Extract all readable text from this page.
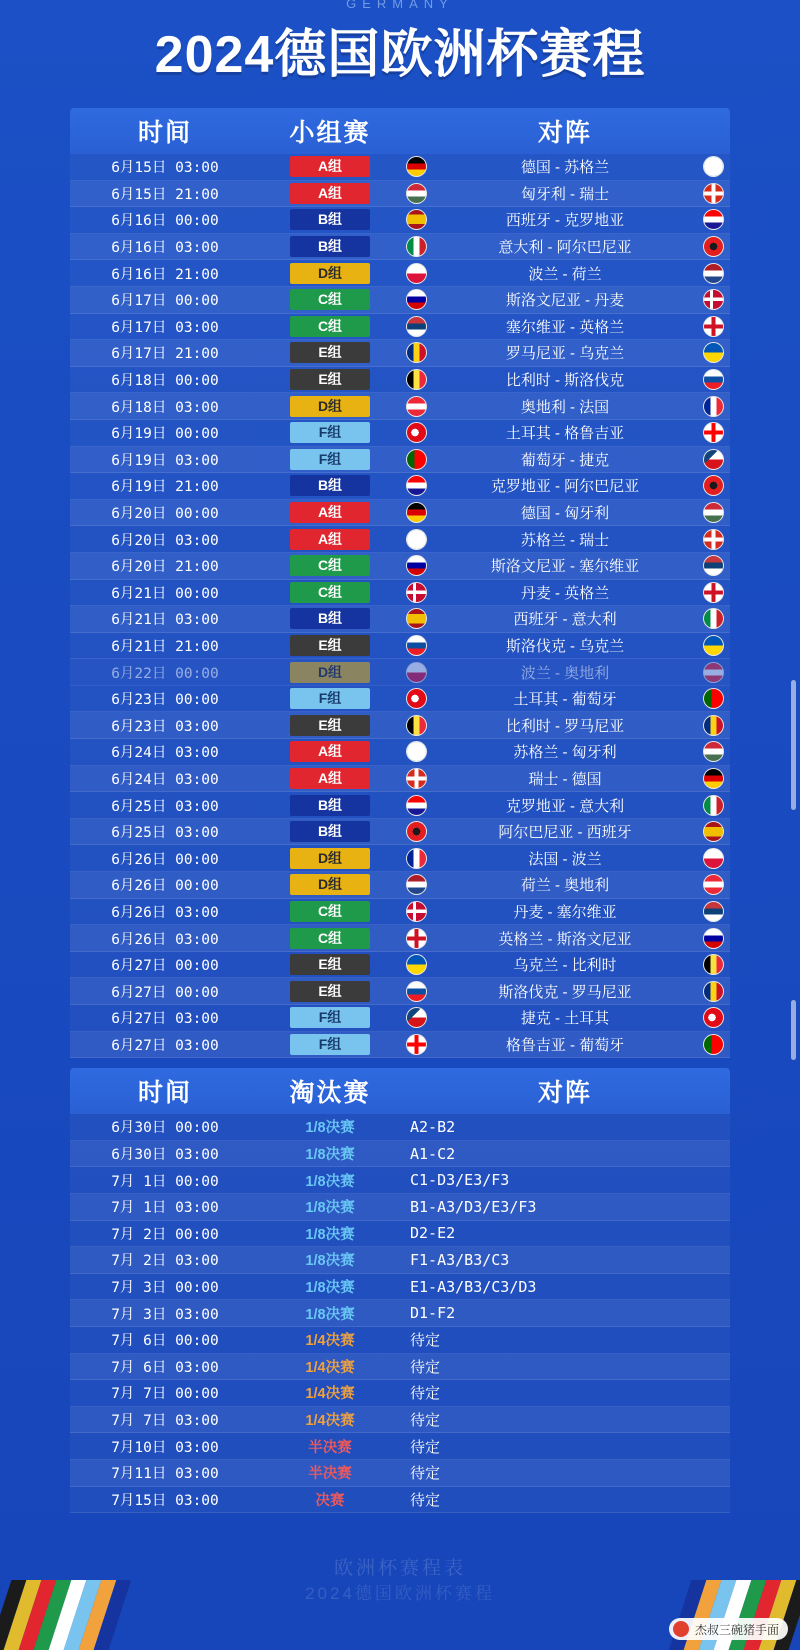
GERMANY
2024德国欧洲杯赛程
时间	小组赛	对阵
6月15日 03:00	A组	德国 - 苏格兰
6月15日 21:00	A组	匈牙利 - 瑞士
6月16日 00:00	B组	西班牙 - 克罗地亚
6月16日 03:00	B组	意大利 - 阿尔巴尼亚
6月16日 21:00	D组	波兰 - 荷兰
6月17日 00:00	C组	斯洛文尼亚 - 丹麦
6月17日 03:00	C组	塞尔维亚 - 英格兰
6月17日 21:00	E组	罗马尼亚 - 乌克兰
6月18日 00:00	E组	比利时 - 斯洛伐克
6月18日 03:00	D组	奥地利 - 法国
6月19日 00:00	F组	土耳其 - 格鲁吉亚
6月19日 03:00	F组	葡萄牙 - 捷克
6月19日 21:00	B组	克罗地亚 - 阿尔巴尼亚
6月20日 00:00	A组	德国 - 匈牙利
6月20日 03:00	A组	苏格兰 - 瑞士
6月20日 21:00	C组	斯洛文尼亚 - 塞尔维亚
6月21日 00:00	C组	丹麦 - 英格兰
6月21日 03:00	B组	西班牙 - 意大利
6月21日 21:00	E组	斯洛伐克 - 乌克兰
6月22日 00:00	D组	波兰 - 奥地利
6月23日 00:00	F组	土耳其 - 葡萄牙
6月23日 03:00	E组	比利时 - 罗马尼亚
6月24日 03:00	A组	苏格兰 - 匈牙利
6月24日 03:00	A组	瑞士 - 德国
6月25日 03:00	B组	克罗地亚 - 意大利
6月25日 03:00	B组	阿尔巴尼亚 - 西班牙
6月26日 00:00	D组	法国 - 波兰
6月26日 00:00	D组	荷兰 - 奥地利
6月26日 03:00	C组	丹麦 - 塞尔维亚
6月26日 03:00	C组	英格兰 - 斯洛文尼亚
6月27日 00:00	E组	乌克兰 - 比利时
6月27日 00:00	E组	斯洛伐克 - 罗马尼亚
6月27日 03:00	F组	捷克 - 土耳其
6月27日 03:00	F组	格鲁吉亚 - 葡萄牙
时间	淘汰赛	对阵
6月30日 00:00	1/8决赛	A2-B2
6月30日 03:00	1/8决赛	A1-C2
7月 1日 00:00	1/8决赛	C1-D3/E3/F3
7月 1日 03:00	1/8决赛	B1-A3/D3/E3/F3
7月 2日 00:00	1/8决赛	D2-E2
7月 2日 03:00	1/8决赛	F1-A3/B3/C3
7月 3日 00:00	1/8决赛	E1-A3/B3/C3/D3
7月 3日 03:00	1/8决赛	D1-F2
7月 6日 00:00	1/4决赛	待定
7月 6日 03:00	1/4决赛	待定
7月 7日 00:00	1/4决赛	待定
7月 7日 03:00	1/4决赛	待定
7月10日 03:00	半决赛	待定
7月11日 03:00	半决赛	待定
7月15日 03:00	决赛	待定
欧洲杯赛程表
2024德国欧洲杯赛程
杰叔三碗猪手面
